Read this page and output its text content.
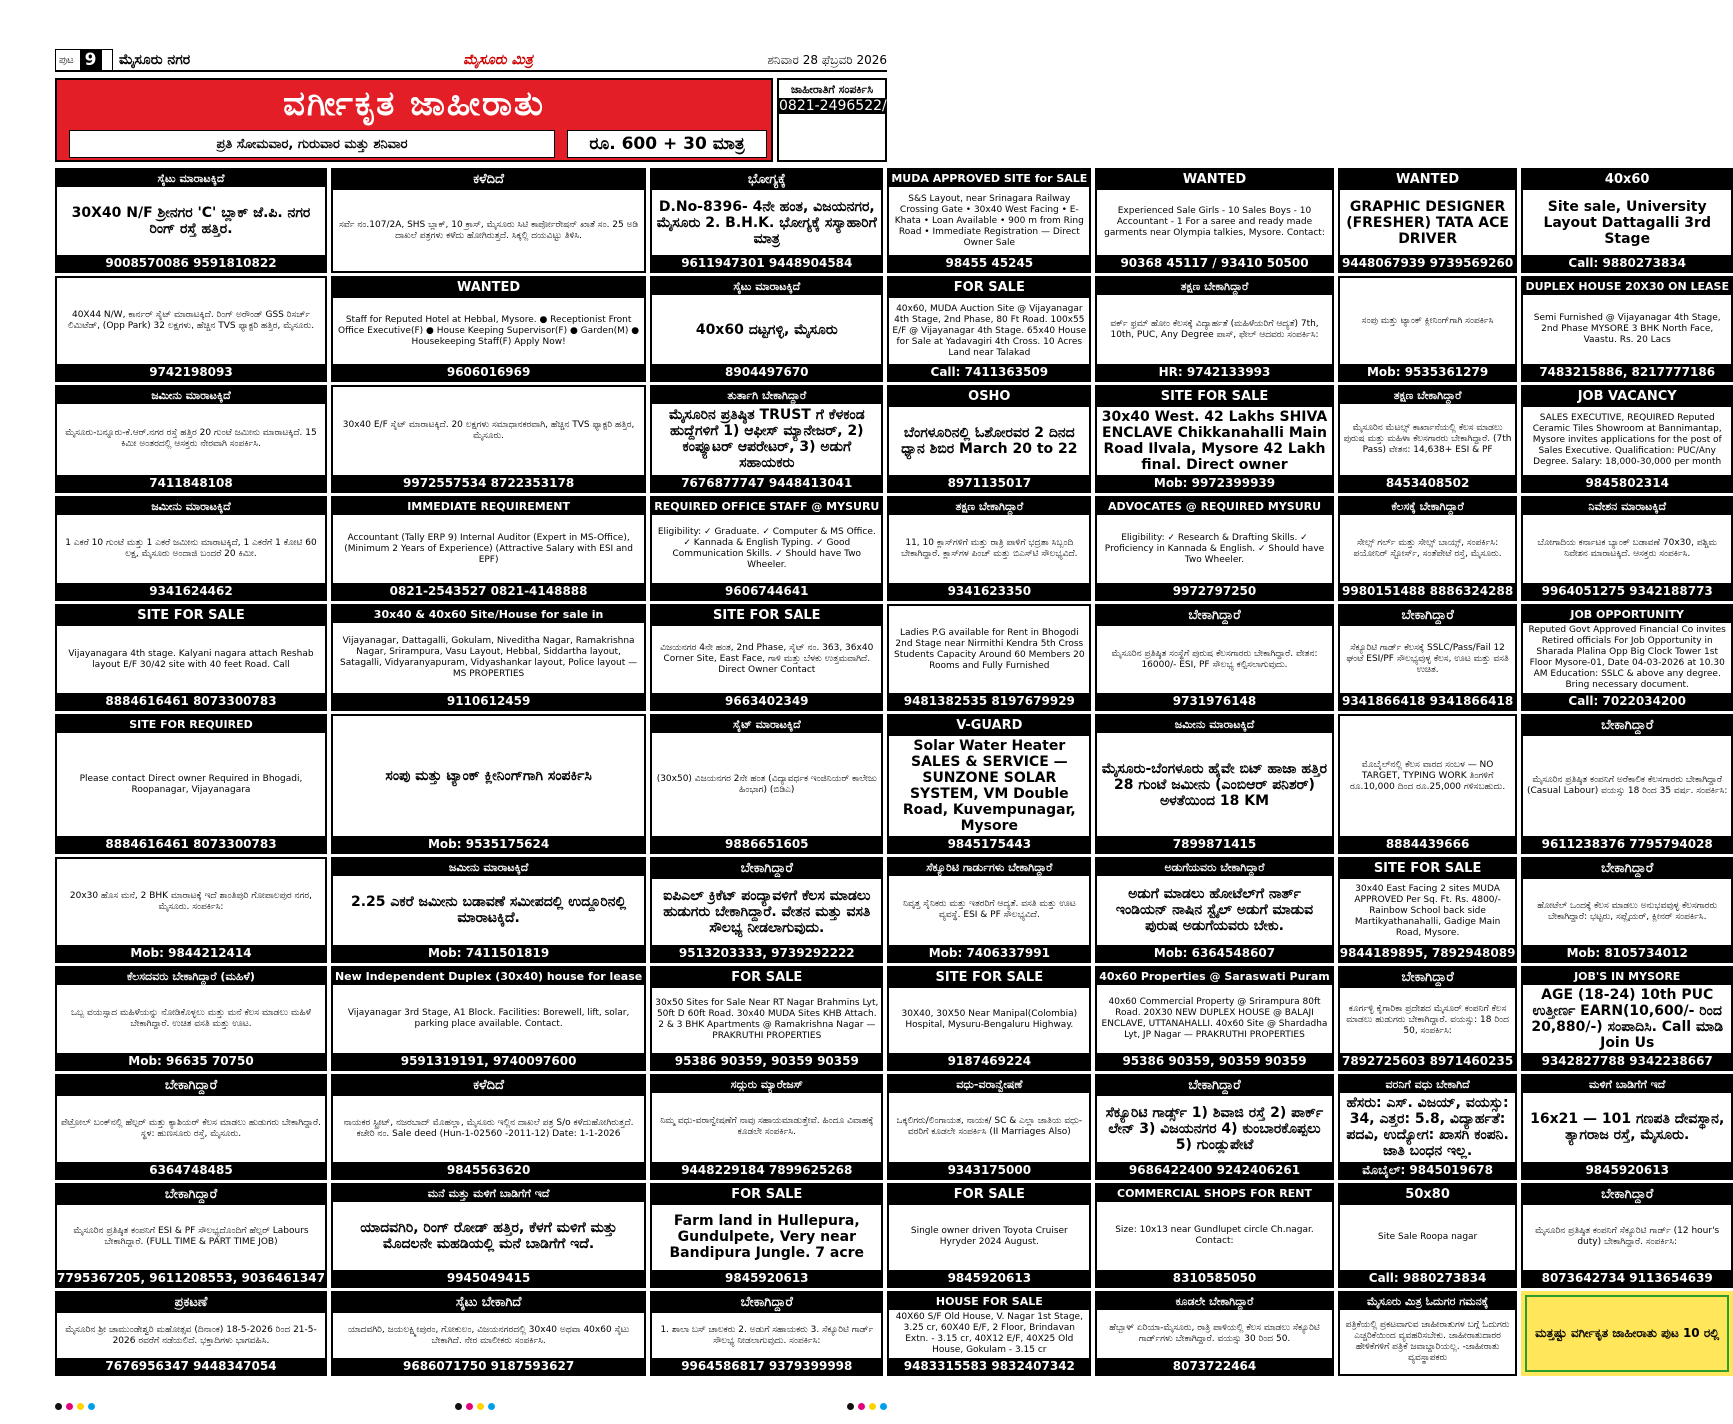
ಪುಟ 9	ಮೈಸೂರು ನಗರ	ಮೈಸೂರು ಮಿತ್ರ	ಶನಿವಾರ 28 ಫೆಬ್ರವರಿ 2026
ವರ್ಗೀಕೃತ ಜಾಹೀರಾತು
ಪ್ರತಿ ಸೋಮವಾರ, ಗುರುವಾರ ಮತ್ತು ಶನಿವಾರ	ರೂ. 600 + 30 ಮಾತ್ರ
ಜಾಹೀರಾತಿಗೆ ಸಂಪರ್ಕಿಸಿ
0821-2496522/23
ಸೈಟು ಮಾರಾಟಕ್ಕಿದೆ
30X40 N/F ಶ್ರೀನಗರ 'C' ಬ್ಲಾಕ್ ಜೆ.ಪಿ. ನಗರ ರಿಂಗ್ ರಸ್ತೆ ಹತ್ತಿರ.
9008570086 9591810822
ಕಳೆದಿದೆ
ಸರ್ವೆ ನಂ.107/2A, SHS ಬ್ಲಾಕ್, 10 ಕ್ರಾಸ್, ಮೈಸೂರು ಸಿಟಿ ಕಾರ್ಪೋರೇಷನ್ ಖಾತೆ ಸಂ. 25 ಅಡಿ ದಾಖಲೆ ಪತ್ರಗಳು ಕಳೆದು ಹೋಗಿರುತ್ತದೆ. ಸಿಕ್ಕಲ್ಲಿ ದಯವಿಟ್ಟು ತಿಳಿಸಿ.
ಭೋಗ್ಯಕ್ಕೆ
D.No-8396- 4ನೇ ಹಂತ, ವಿಜಯನಗರ, ಮೈಸೂರು 2. B.H.K. ಭೋಗ್ಯಕ್ಕೆ ಸಸ್ಯಾಹಾರಿಗೆ ಮಾತ್ರ
9611947301 9448904584
MUDA APPROVED SITE for SALE
S&S Layout, near Srinagara Railway Crossing Gate • 30x40 West Facing • E-Khata • Loan Available • 900 m from Ring Road • Immediate Registration — Direct Owner Sale
98455 45245
WANTED
Experienced Sale Girls - 10 Sales Boys - 10 Accountant - 1 For a saree and ready made garments near Olympia talkies, Mysore. Contact:
90368 45117 / 93410 50500
WANTED
GRAPHIC DESIGNER (FRESHER) TATA ACE DRIVER
9448067939 9739569260
40x60
Site sale, University Layout Dattagalli 3rd Stage
Call: 9880273834
40X44 N/W, ಕಾರ್ನರ್ ಸೈಟ್ ಮಾರಾಟಕ್ಕಿದೆ. ರಿಂಗ್ ಅರೌಂಡ್ GSS ರಿಸರ್ಚ್ ಲಿಮಿಟೆಡ್, (Opp Park) 32 ಲಕ್ಷಗಳು, ಹೆಚ್ಚಿನ TVS ಫ್ಯಾಕ್ಟರಿ ಹತ್ತಿರ, ಮೈಸೂರು.
9742198093
WANTED
Staff for Reputed Hotel at Hebbal, Mysore. ● Receptionist Front Office Executive(F) ● House Keeping Supervisor(F) ● Garden(M) ● Housekeeping Staff(F) Apply Now!
9606016969
ಸೈಟು ಮಾರಾಟಕ್ಕಿದೆ
40x60 ದಟ್ಟಗಳ್ಳಿ, ಮೈಸೂರು
8904497670
FOR SALE
40x60, MUDA Auction Site @ Vijayanagar 4th Stage, 2nd Phase, 80 Ft Road. 100x55 E/F @ Vijayanagar 4th Stage. 65x40 House for Sale at Yadavagiri 4th Cross. 10 Acres Land near Talakad
Call: 7411363509
ತಕ್ಷಣ ಬೇಕಾಗಿದ್ದಾರೆ
ವರ್ಕ್ ಫ್ರಮ್ ಹೋಂ ಕೆಲಸಕ್ಕೆ ವಿದ್ಯಾರ್ಹತೆ (ಮಹಿಳೆಯರಿಗೆ ಆದ್ಯತೆ) 7th, 10th, PUC, Any Degree ಪಾಸ್, ಫೇಲ್ ಆದವರು ಸಂಪರ್ಕಿಸಿ:
HR: 9742133993
ಸಂಪು ಮತ್ತು ಟ್ಯಾಂಕ್ ಕ್ಲೀನಿಂಗ್‌ಗಾಗಿ ಸಂಪರ್ಕಿಸಿ
Mob: 9535361279
DUPLEX HOUSE 20X30 ON LEASE
Semi Furnished @ Vijayanagar 4th Stage, 2nd Phase MYSORE 3 BHK North Face, Vaastu. Rs. 20 Lacs
7483215886, 8217777186
ಜಮೀನು ಮಾರಾಟಕ್ಕಿದೆ
ಮೈಸೂರು-ಬನ್ನೂರು-ಕೆ.ಆರ್.ನಗರ ರಸ್ತೆ ಹತ್ತಿರ 20 ಗುಂಟೆ ಜಮೀನು ಮಾರಾಟಕ್ಕಿದೆ. 15 ಕಿಮೀ ಅಂತರದಲ್ಲಿ ಆಸಕ್ತರು ನೇರವಾಗಿ ಸಂಪರ್ಕಿಸಿ.
7411848108
30x40 E/F ಸೈಟ್ ಮಾರಾಟಕ್ಕಿದೆ. 20 ಲಕ್ಷಗಳು ಸಮಾಧಾನಕರವಾಗಿ, ಹೆಚ್ಚಿನ TVS ಫ್ಯಾಕ್ಟರಿ ಹತ್ತಿರ, ಮೈಸೂರು.
9972557534 8722353178
ತುರ್ತಾಗಿ ಬೇಕಾಗಿದ್ದಾರೆ
ಮೈಸೂರಿನ ಪ್ರತಿಷ್ಠಿತ TRUST ಗೆ ಕೆಳಕಂಡ ಹುದ್ದೆಗಳಿಗೆ 1) ಆಫೀಸ್ ಮ್ಯಾನೇಜರ್, 2) ಕಂಪ್ಯೂಟರ್ ಆಪರೇಟರ್, 3) ಅಡುಗೆ ಸಹಾಯಕರು
7676877747 9448413041
OSHO
ಬೆಂಗಳೂರಿನಲ್ಲಿ ಓಶೋರವರ 2 ದಿನದ ಧ್ಯಾನ ಶಿಬಿರ March 20 to 22
8971135017
SITE FOR SALE
30x40 West. 42 Lakhs SHIVA ENCLAVE Chikkanahalli Main Road Ilvala, Mysore 42 Lakh final. Direct owner
Mob: 9972399939
ತಕ್ಷಣ ಬೇಕಾಗಿದ್ದಾರೆ
ಮೈಸೂರಿನ ಮೆಟಲ್ಸ್ ಕಾರ್ಖಾನೆಯಲ್ಲಿ ಕೆಲಸ ಮಾಡಲು ಪುರುಷ ಮತ್ತು ಮಹಿಳಾ ಕೆಲಸಗಾರರು ಬೇಕಾಗಿದ್ದಾರೆ. (7th Pass) ವೇತನ: 14,638+ ESI & PF
8453408502
JOB VACANCY
SALES EXECUTIVE, REQUIRED Reputed Ceramic Tiles Showroom at Bannimantap, Mysore invites applications for the post of Sales Executive. Qualification: PUC/Any Degree. Salary: 18,000-30,000 per month
9845802314
ಜಮೀನು ಮಾರಾಟಕ್ಕಿದೆ
1 ಎಕರೆ 10 ಗುಂಟೆ ಮತ್ತು 1 ಎಕರೆ ಜಮೀನು ಮಾರಾಟಕ್ಕಿದೆ, 1 ಎಕರೆಗೆ 1 ಕೋಟಿ 60 ಲಕ್ಷ, ಮೈಸೂರು ಅಂದಾಜಿ ಬಂದರೆ 20 ಕಿಮೀ.
9341624462
IMMEDIATE REQUIREMENT
Accountant (Tally ERP 9) Internal Auditor (Expert in MS-Office), (Minimum 2 Years of Experience) (Attractive Salary with ESI and EPF)
0821-2543527 0821-4148888
REQUIRED OFFICE STAFF @ MYSURU
Eligibility: ✓ Graduate. ✓ Computer & MS Office. ✓ Kannada & English Typing. ✓ Good Communication Skills. ✓ Should have Two Wheeler.
9606744641
ತಕ್ಷಣ ಬೇಕಾಗಿದ್ದಾರೆ
11, 10 ಕ್ಲಾಸ್‌ಗಳಿಗೆ ಮತ್ತು ರಾತ್ರಿ ಪಾಳಿಗೆ ಭದ್ರತಾ ಸಿಬ್ಬಂದಿ ಬೇಕಾಗಿದ್ದಾರೆ. ಕ್ಲಾಸ್‌ಗಳ ಪಿಂಚ್ ಮತ್ತು ಬಿಎಸ್‌ಟಿ ಸೌಲಭ್ಯವಿದೆ.
9341623350
ADVOCATES @ REQUIRED MYSURU
Eligibility: ✓ Research & Drafting Skills. ✓ Proficiency in Kannada & English. ✓ Should have Two Wheeler.
9972797250
ಕೆಲಸಕ್ಕೆ ಬೇಕಾಗಿದ್ದಾರೆ
ಸೇಲ್ಸ್ ಗರ್ಲ್ ಮತ್ತು ಸೇಲ್ಸ್ ಬಾಯ್ಸ್, ಸಂಪರ್ಕಿಸಿ: ಪಯೋನಿರ್ ಸ್ಟೋರ್ಸ್, ಸಂತೆಪೇಟೆ ರಸ್ತೆ, ಮೈಸೂರು.
9980151488 8886324288
ನಿವೇಶನ ಮಾರಾಟಕ್ಕಿದೆ
ಬೋಗಾದಿಯ ಕರ್ನಾಟಕ ಬ್ಯಾಂಕ್ ಬಡಾವಣೆ 70x30, ಪಶ್ಚಿಮ ನಿವೇಶನ ಮಾರಾಟಕ್ಕಿದೆ. ಆಸಕ್ತರು ಸಂಪರ್ಕಿಸಿ.
9964051275 9342188773
SITE FOR SALE
Vijayanagara 4th stage. Kalyani nagara attach Reshab layout E/F 30/42 site with 40 feet Road. Call
8884616461 8073300783
30x40 & 40x60 Site/House for sale in
Vijayanagar, Dattagalli, Gokulam, Niveditha Nagar, Ramakrishna Nagar, Srirampura, Vasu Layout, Hebbal, Siddartha layout, Satagalli, Vidyaranyapuram, Vidyashankar layout, Police layout — MS PROPERTIES
9110612459
SITE FOR SALE
ವಿಜಯನಗರ 4ನೇ ಹಂತ, 2nd Phase, ಸೈಟ್ ನಂ. 363, 36x40 Corner Site, East Face, ಗಾಳಿ ಮತ್ತು ಬೆಳಕು ಉತ್ತಮವಾಗಿದೆ. Direct Owner Contact
9663402349
Ladies P.G available for Rent in Bhogodi 2nd Stage near Nirmithi Kendra 5th Cross Students Capacity Around 60 Members 20 Rooms and Fully Furnished
9481382535 8197679929
ಬೇಕಾಗಿದ್ದಾರೆ
ಮೈಸೂರಿನ ಪ್ರತಿಷ್ಠಿತ ಸಂಸ್ಥೆಗೆ ಪುರುಷ ಕೆಲಸಗಾರರು ಬೇಕಾಗಿದ್ದಾರೆ. ವೇತನ: 16000/- ESI, PF ಸೌಲಭ್ಯ ಕಲ್ಪಿಸಲಾಗುವುದು.
9731976148
ಬೇಕಾಗಿದ್ದಾರೆ
ಸೆಕ್ಯೂರಿಟಿ ಗಾರ್ಡ್ ಕೆಲಸಕ್ಕೆ SSLC/Pass/Fail 12 ಘಂಟೆ ESI/PF ಸೌಲಭ್ಯವುಳ್ಳ ಕೆಲಸ, ಊಟ ಮತ್ತು ವಸತಿ ಉಚಿತ.
9341866418 9341866418
JOB OPPORTUNITY
Reputed Govt Approved Financial Co invites Retired officials For Job Opportunity in Sharada Plalina Opp Big Clock Tower 1st Floor Mysore-01, Date 04-03-2026 at 10.30 AM Education: SSLC & above any degree. Bring necessary document.
Call: 7022034200
SITE FOR REQUIRED
Please contact Direct owner Required in Bhogadi, Roopanagar, Vijayanagara
8884616461 8073300783
ಸಂಪು ಮತ್ತು ಟ್ಯಾಂಕ್ ಕ್ಲೀನಿಂಗ್‌ಗಾಗಿ ಸಂಪರ್ಕಿಸಿ
Mob: 9535175624
ಸೈಟ್ ಮಾರಾಟಕ್ಕಿದೆ
(30x50) ವಿಜಯನಗರ 2ನೇ ಹಂತ (ವಿದ್ಯಾವರ್ಧಕ ಇಂಜಿನಿಯರ್ ಕಾಲೇಜು ಹಿಂಭಾಗ) (ಬಿಡಿಎ)
9886651605
V-GUARD
Solar Water Heater SALES & SERVICE — SUNZONE SOLAR SYSTEM, VM Double Road, Kuvempunagar, Mysore
9845175443
ಜಮೀನು ಮಾರಾಟಕ್ಕಿದೆ
ಮೈಸೂರು-ಬೆಂಗಳೂರು ಹೈವೇ ಬಿಟ್ ಹಾಜಾ ಹತ್ತಿರ 28 ಗುಂಟೆ ಜಮೀನು (ಎಂಬಿಆರ್ ಪನಿಶರ್) ಅಳತೆಯಿಂದ 18 KM
7899871415
ಮೊಬೈಲ್‌ನಲ್ಲಿ ಕೆಲಸ ವಾರದ ಸಂಬಳ — NO TARGET, TYPING WORK ತಿಂಗಳಿಗೆ ರೂ.10,000 ದಿಂದ ರೂ.25,000 ಗಳಿಸಬಹುದು.
8884439666
ಬೇಕಾಗಿದ್ದಾರೆ
ಮೈಸೂರಿನ ಪ್ರತಿಷ್ಠಿತ ಕಂಪನಿಗೆ ಅರೆಕಾಲಿಕ ಕೆಲಸಗಾರರು ಬೇಕಾಗಿದ್ದಾರೆ (Casual Labour) ವಯಸ್ಸು 18 ರಿಂದ 35 ವರ್ಷ. ಸಂಪರ್ಕಿಸಿ:
9611238376 7795794028
20x30 ಹೊಸ ಮನೆ, 2 BHK ಮಾರಾಟಕ್ಕೆ ಇದೆ ಶಾಂತಿಪುರಿ ಗೋಪಾಲಪುರ ನಗರ, ಮೈಸೂರು. ಸಂಪರ್ಕಿಸಿ:
Mob: 9844212414
ಜಮೀನು ಮಾರಾಟಕ್ಕಿದೆ
2.25 ಎಕರೆ ಜಮೀನು ಬಡಾವಣೆ ಸಮೀಪದಲ್ಲಿ ಉದ್ದೂರಿನಲ್ಲಿ ಮಾರಾಟಕ್ಕಿದೆ.
Mob: 7411501819
ಬೇಕಾಗಿದ್ದಾರೆ
ಐಪಿಎಲ್ ಕ್ರಿಕೆಟ್ ಪಂದ್ಯಾವಳಿಗೆ ಕೆಲಸ ಮಾಡಲು ಹುಡುಗರು ಬೇಕಾಗಿದ್ದಾರೆ. ವೇತನ ಮತ್ತು ವಸತಿ ಸೌಲಭ್ಯ ನೀಡಲಾಗುವುದು.
9513203333, 9739292222
ಸೆಕ್ಯೂರಿಟಿ ಗಾರ್ಡುಗಳು ಬೇಕಾಗಿದ್ದಾರೆ
ನಿವೃತ್ತ ಸೈನಿಕರು ಮತ್ತು ಇತರರಿಗೆ ಆದ್ಯತೆ. ವಸತಿ ಮತ್ತು ಊಟ ವ್ಯವಸ್ಥೆ. ESI & PF ಸೌಲಭ್ಯವಿದೆ.
Mob: 7406337991
ಅಡುಗೆಯವರು ಬೇಕಾಗಿದ್ದಾರೆ
ಅಡುಗೆ ಮಾಡಲು ಹೋಟೆಲ್‌ಗೆ ನಾರ್ತ್ ಇಂಡಿಯನ್ ನಾಷಿನ ಸ್ಟೈಲ್ ಅಡುಗೆ ಮಾಡುವ ಪುರುಷ ಅಡುಗೆಯವರು ಬೇಕು.
Mob: 6364548607
SITE FOR SALE
30x40 East Facing 2 sites MUDA APPROVED Per Sq. Ft. Rs. 4800/- Rainbow School back side Martikyathanahalli, Gadige Main Road, Mysore.
9844189895, 7892948089
ಬೇಕಾಗಿದ್ದಾರೆ
ಹೋಟೆಲ್ ಒಂದಕ್ಕೆ ಕೆಲಸ ಮಾಡಲು ಅನುಭವವುಳ್ಳ ಕೆಲಸಗಾರರು ಬೇಕಾಗಿದ್ದಾರೆ: ಭಟ್ಟರು, ಸಪ್ಲೈಯರ್, ಕ್ಲೀನರ್ ಸಂಪರ್ಕಿಸಿ.
Mob: 8105734012
ಕೆಲಸದವರು ಬೇಕಾಗಿದ್ದಾರೆ (ಮಹಿಳೆ)
ಒಬ್ಬ ವಯಸ್ಸಾದ ಮಹಿಳೆಯನ್ನು ನೋಡಿಕೊಳ್ಳಲು ಮತ್ತು ಮನೆ ಕೆಲಸ ಮಾಡಲು ಮಹಿಳೆ ಬೇಕಾಗಿದ್ದಾರೆ. ಉಚಿತ ವಸತಿ ಮತ್ತು ಊಟ.
Mob: 96635 70750
New Independent Duplex (30x40) house for lease
Vijayanagar 3rd Stage, A1 Block. Facilities: Borewell, lift, solar, parking place available. Contact.
9591319191, 9740097600
FOR SALE
30x50 Sites for Sale Near RT Nagar Brahmins Lyt, 50ft D 60ft Road. 30x40 MUDA Sites KHB Attach. 2 & 3 BHK Apartments @ Ramakrishna Nagar — PRAKRUTHI PROPERTIES
95386 90359, 90359 90359
SITE FOR SALE
30X40, 30X50 Near Manipal(Colombia) Hospital, Mysuru-Bengaluru Highway.
9187469224
40x60 Properties @ Saraswati Puram
40x60 Commercial Property @ Srirampura 80ft Road. 20X30 NEW DUPLEX HOUSE @ BALAJI ENCLAVE, UTTANAHALLI. 40x60 Site @ Shardadha Lyt, JP Nagar — PRAKRUTHI PROPERTIES
95386 90359, 90359 90359
ಬೇಕಾಗಿದ್ದಾರೆ
ಕೂರ್ಗಳ್ಳಿ ಕೈಗಾರಿಕಾ ಪ್ರದೇಶದ ಮೈಸೂರ್ ಕಂಪನಿಗೆ ಕೆಲಸ ಮಾಡಲು ಹುಡುಗರು ಬೇಕಾಗಿದ್ದಾರೆ. ವಯಸ್ಸು: 18 ರಿಂದ 50, ಸಂಪರ್ಕಿಸಿ:
7892725603 8971460235
JOB'S IN MYSORE
AGE (18-24) 10th PUC ಉತ್ತೀರ್ಣ EARN(10,600/- ರಿಂದ 20,880/-) ಸಂಪಾದಿಸಿ. Call ಮಾಡಿ Join Us
9342827788 9342238667
ಬೇಕಾಗಿದ್ದಾರೆ
ಪೆಟ್ರೋಲ್ ಬಂಕ್‌ನಲ್ಲಿ ಹೆಲ್ಪರ್ ಮತ್ತು ಕ್ಯಾಶಿಯರ್ ಕೆಲಸ ಮಾಡಲು ಹುಡುಗರು ಬೇಕಾಗಿದ್ದಾರೆ. ಸ್ಥಳ: ಹುಣಸೂರು ರಸ್ತೆ, ಮೈಸೂರು.
6364748485
ಕಳೆದಿದೆ
ನಾಯಕರ ಸ್ಟ್ರೀಟ್, ನಜರಬಾದ್ ಮೊಹಲ್ಲಾ, ಮೈಸೂರು ಇಲ್ಲಿನ ದಾಖಲೆ ಪತ್ರ S/o ಕಳೆದುಹೋಗಿರುತ್ತದೆ. ಕಚೇರಿ ನಂ. Sale deed (Hun-1-02560 -2011-12) Date: 1-1-2026
9845563620
ಸದ್ಗುರು ಮ್ಯಾರೇಜಸ್
ನಿಮ್ಮ ವಧು-ವರಾನ್ವೇಷಣೆಗೆ ನಾವು ಸಹಾಯಮಾಡುತ್ತೇವೆ. ಹಿಂದೂ ವಿವಾಹಕ್ಕೆ ಕೂಡಲೇ ಸಂಪರ್ಕಿಸಿ.
9448229184 7899625268
ವಧು-ವರಾನ್ವೇಷಣೆ
ಒಕ್ಕಲಿಗರು/ಲಿಂಗಾಯತ, ನಾಯಕ/ SC & ಎಲ್ಲಾ ಜಾತಿಯ ವಧು-ವರರಿಗೆ ಕೂಡಲೇ ಸಂಪರ್ಕಿಸಿ (II Marriages Also)
9343175000
ಬೇಕಾಗಿದ್ದಾರೆ
ಸೆಕ್ಯೂರಿಟಿ ಗಾರ್ಡ್ಸ್ 1) ಶಿವಾಜಿ ರಸ್ತೆ 2) ಪಾರ್ಕ್ ಲೇನ್ 3) ವಿಜಯನಗರ 4) ಕುಂಬಾರಕೊಪ್ಪಲು 5) ಗುಂಡ್ಲುಪೇಟೆ
9686422400 9242406261
ವರನಿಗೆ ವಧು ಬೇಕಾಗಿದೆ
ಹೆಸರು: ಎಸ್. ವಿಜಯ್, ವಯಸ್ಸು: 34, ಎತ್ತರ: 5.8, ವಿದ್ಯಾರ್ಹತೆ: ಪದವಿ, ಉದ್ಯೋಗ: ಖಾಸಗಿ ಕಂಪನಿ. ಜಾತಿ ಬಂಧನ ಇಲ್ಲ.
ಮೊಬೈಲ್: 9845019678
ಮಳಿಗೆ ಬಾಡಿಗೆಗೆ ಇದೆ
16x21 — 101 ಗಣಪತಿ ದೇವಸ್ಥಾನ, ತ್ಯಾಗರಾಜ ರಸ್ತೆ, ಮೈಸೂರು.
9845920613
ಬೇಕಾಗಿದ್ದಾರೆ
ಮೈಸೂರಿನ ಪ್ರತಿಷ್ಠಿತ ಕಂಪನಿಗೆ ESI & PF ಸೌಲಭ್ಯದೊಂದಿಗೆ ಹೆಲ್ಪರ್ Labours ಬೇಕಾಗಿದ್ದಾರೆ. (FULL TIME & PART TIME JOB)
7795367205, 9611208553, 9036461347
ಮನೆ ಮತ್ತು ಮಳಿಗೆ ಬಾಡಿಗೆಗೆ ಇದೆ
ಯಾದವಗಿರಿ, ರಿಂಗ್ ರೋಡ್ ಹತ್ತಿರ, ಕೆಳಗೆ ಮಳಿಗೆ ಮತ್ತು ಮೊದಲನೇ ಮಹಡಿಯಲ್ಲಿ ಮನೆ ಬಾಡಿಗೆಗೆ ಇದೆ.
9945049415
FOR SALE
Farm land in Hullepura, Gundulpete, Very near Bandipura Jungle. 7 acre
9845920613
FOR SALE
Single owner driven Toyota Cruiser Hyryder 2024 August.
9845920613
COMMERCIAL SHOPS FOR RENT
Size: 10x13 near Gundlupet circle Ch.nagar. Contact:
8310585050
50x80
Site Sale Roopa nagar
Call: 9880273834
ಬೇಕಾಗಿದ್ದಾರೆ
ಮೈಸೂರಿನ ಪ್ರತಿಷ್ಠಿತ ಕಂಪನಿಗೆ ಸೆಕ್ಯೂರಿಟಿ ಗಾರ್ಡ್ (12 hour's duty) ಬೇಕಾಗಿದ್ದಾರೆ. ಸಂಪರ್ಕಿಸಿ:
8073642734 9113654639
ಪ್ರಕಟಣೆ
ಮೈಸೂರಿನ ಶ್ರೀ ಚಾಮುಂಡೇಶ್ವರಿ ಮಹೋತ್ಸವ (ದಿನಾಂಕ) 18-5-2026 ರಿಂದ 21-5-2026 ರವರೆಗೆ ನಡೆಯಲಿದೆ. ಭಕ್ತಾದಿಗಳು ಭಾಗವಹಿಸಿ.
7676956347 9448347054
ಸೈಟು ಬೇಕಾಗಿದೆ
ಯಾದವಗಿರಿ, ಜಯಲಕ್ಷ್ಮೀಪುರಂ, ಗೋಕುಲಂ, ವಿಜಯನಗರದಲ್ಲಿ 30x40 ಅಥವಾ 40x60 ಸೈಟು ಬೇಕಾಗಿದೆ. ನೇರ ಮಾಲೀಕರು ಸಂಪರ್ಕಿಸಿ.
9686071750 9187593627
ಬೇಕಾಗಿದ್ದಾರೆ
1. ಶಾಲಾ ಬಸ್ ಚಾಲಕರು 2. ಅಡುಗೆ ಸಹಾಯಕರು 3. ಸೆಕ್ಯೂರಿಟಿ ಗಾರ್ಡ್ ಸೌಲಭ್ಯ ನೀಡಲಾಗುವುದು. ಸಂಪರ್ಕಿಸಿ:
9964586817 9379399998
HOUSE FOR SALE
40X60 S/F Old House, V. Nagar 1st Stage, 3.25 cr, 60X40 E/F, 2 Floor, Brindavan Extn. - 3.15 cr, 40X12 E/F, 40X25 Old House, Gokulam - 3.15 cr
9483315583 9832407342
ಕೂಡಲೇ ಬೇಕಾಗಿದ್ದಾರೆ
ಹೆಬ್ಬಾಳ್ ಏರಿಯಾ-ಮೈಸೂರು, ರಾತ್ರಿ ಪಾಳಿಯಲ್ಲಿ ಕೆಲಸ ಮಾಡಲು ಸೆಕ್ಯೂರಿಟಿ ಗಾರ್ಡ್‌ಗಳು ಬೇಕಾಗಿದ್ದಾರೆ. ವಯಸ್ಸು 30 ರಿಂದ 50.
8073722464
ಮೈಸೂರು ಮಿತ್ರ ಓದುಗರ ಗಮನಕ್ಕೆ
ಪತ್ರಿಕೆಯಲ್ಲಿ ಪ್ರಕಟವಾಗುವ ಜಾಹೀರಾತುಗಳ ಬಗ್ಗೆ ಓದುಗರು ಎಚ್ಚರಿಕೆಯಿಂದ ವ್ಯವಹರಿಸಬೇಕು. ಜಾಹೀರಾತುದಾರರ ಹೇಳಿಕೆಗಳಿಗೆ ಪತ್ರಿಕೆ ಜವಾಬ್ದಾರಿಯಲ್ಲ. -ಜಾಹೀರಾತು ವ್ಯವಸ್ಥಾಪಕರು
ಮತ್ತಷ್ಟು ವರ್ಗೀಕೃತ ಜಾಹೀರಾತು ಪುಟ 10 ರಲ್ಲಿ
